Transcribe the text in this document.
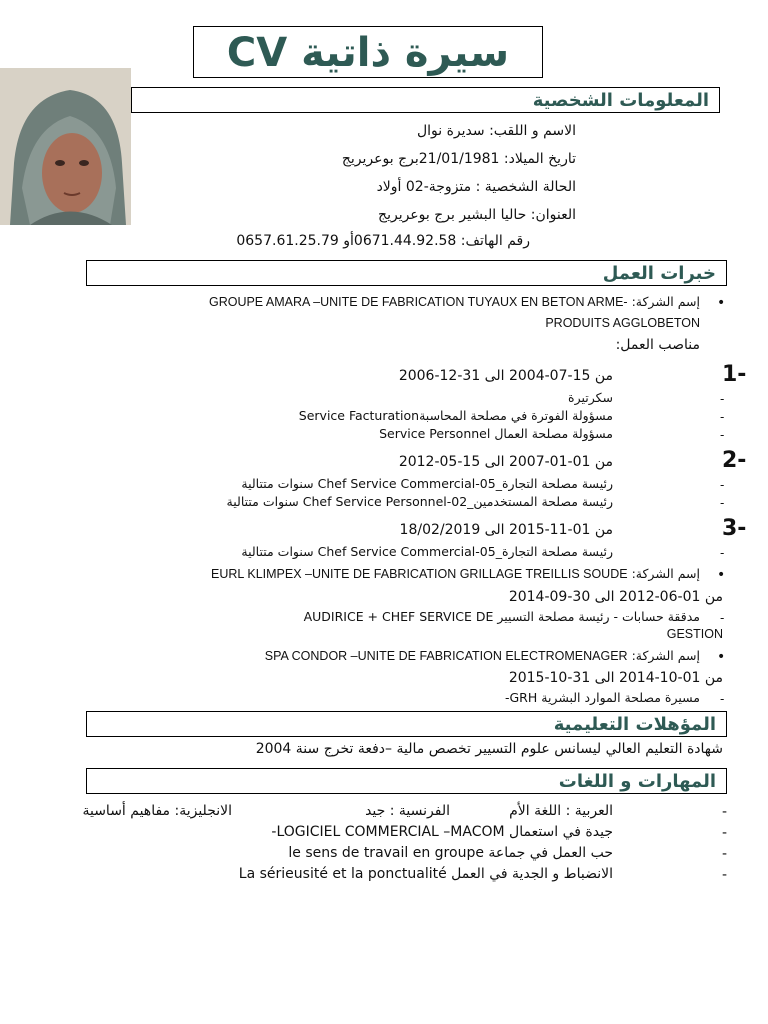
CV سيرة ذاتية
المعلومات الشخصية
الاسم و اللقب: سديرة نوال
تاريخ الميلاد: 21/01/1981برج بوعريريج
الحالة الشخصية : متزوجة-02 أولاد
العنوان: حاليا البشير برج بوعريريج
رقم الهاتف: 0671.44.92.58أو 0657.61.25.79
خبرات العمل
•
إسم الشركة: GROUPE AMARA –UNITE DE FABRICATION TUYAUX EN BETON ARME-
PRODUITS AGGLOBETON
مناصب العمل:
1-
من 15-07-2004 الى 31-12-2006
-
سكرتيرة
-
مسؤولة الفوترة في مصلحة المحاسبةService Facturation
-
مسؤولة مصلحة العمال Service Personnel
2-
من 01-01-2007 الى 15-05-2012
-
رئيسة مصلحة التجارة_Chef Service Commercial-05 سنوات متتالية
-
رئيسة مصلحة المستخدمين_Chef Service Personnel-02 سنوات متتالية
3-
من 01-11-2015 الى 18/02/2019
-
رئيسة مصلحة التجارة_Chef Service Commercial-05 سنوات متتالية
•
إسم الشركة: EURL KLIMPEX –UNITE DE FABRICATION GRILLAGE TREILLIS SOUDE
من 01-06-2012 الى 30-09-2014
-
مدققة حسابات - رئيسة مصلحة التسيير AUDIRICE + CHEF SERVICE DE
GESTION
•
إسم الشركة: SPA CONDOR –UNITE DE FABRICATION ELECTROMENAGER
من 01-10-2014 الى 31-10-2015
-
مسيرة مصلحة الموارد البشرية GRH-
المؤهلات التعليمية
شهادة التعليم العالي ليسانس علوم التسيير تخصص مالية –دفعة تخرج سنة 2004
المهارات و اللغات
-
العربية : اللغة الأم
الفرنسية : جيد
الانجليزية: مفاهيم أساسية
-
جيدة في استعمال LOGICIEL COMMERCIAL –MACOM-
-
حب العمل في جماعة le sens de travail en groupe
-
الانضباط و الجدية في العمل La sérieusité et la ponctualité
